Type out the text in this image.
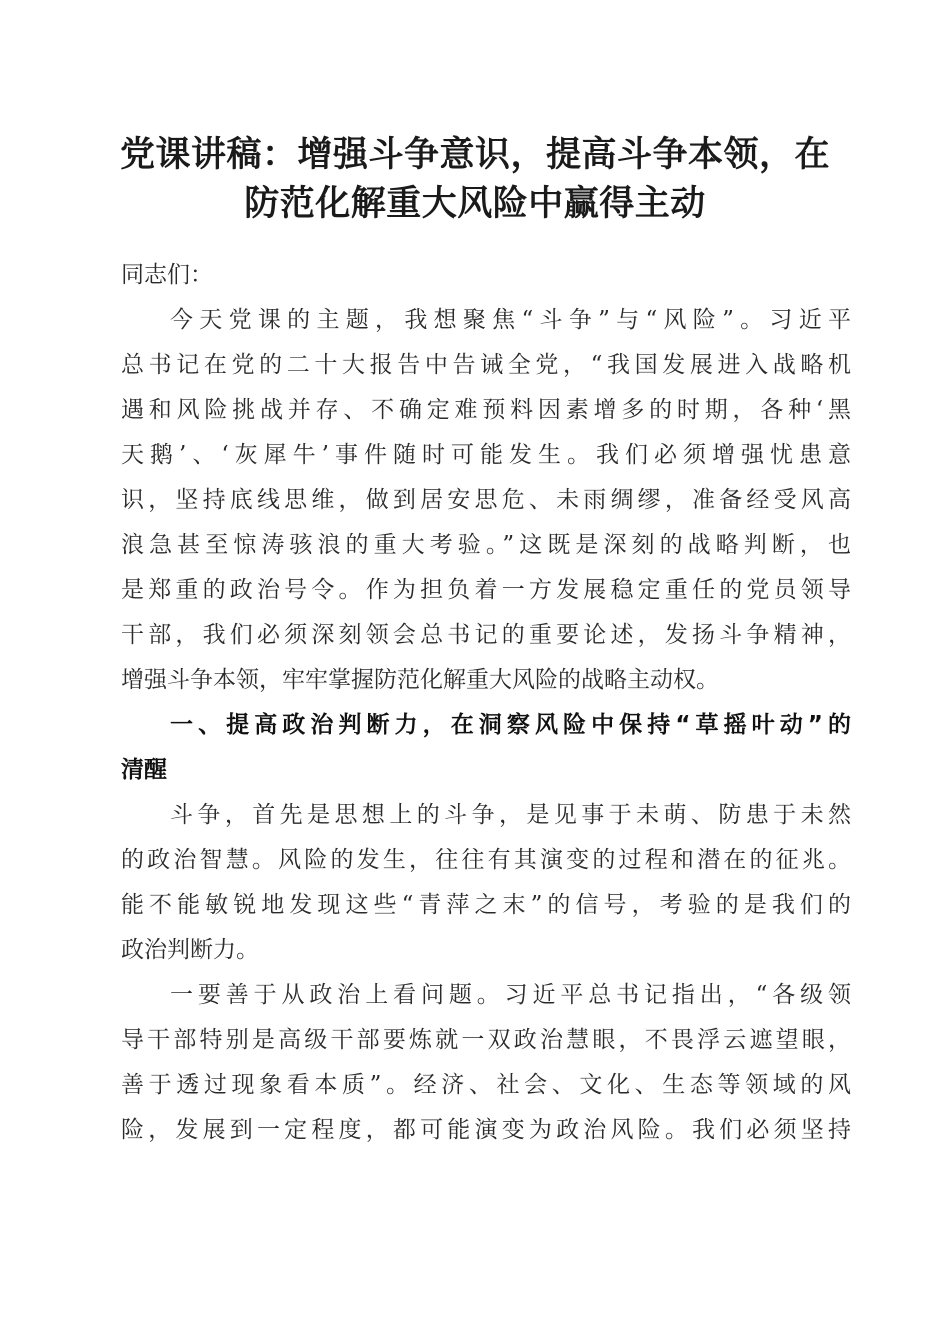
党课讲稿：增强斗争意识，提高斗争本领，在
防范化解重大风险中赢得主动
同志们：
今天党课的主题，我想聚焦“斗争”与“风险”。习近平
总书记在党的二十大报告中告诫全党，“我国发展进入战略机
遇和风险挑战并存、不确定难预料因素增多的时期，各种‘黑
天鹅’、‘灰犀牛’事件随时可能发生。我们必须增强忧患意
识，坚持底线思维，做到居安思危、未雨绸缪，准备经受风高
浪急甚至惊涛骇浪的重大考验。”这既是深刻的战略判断，也
是郑重的政治号令。作为担负着一方发展稳定重任的党员领导
干部，我们必须深刻领会总书记的重要论述，发扬斗争精神，
增强斗争本领，牢牢掌握防范化解重大风险的战略主动权。
一、提高政治判断力，在洞察风险中保持“草摇叶动”的
清醒
斗争，首先是思想上的斗争，是见事于未萌、防患于未然
的政治智慧。风险的发生，往往有其演变的过程和潜在的征兆。
能不能敏锐地发现这些“青萍之末”的信号，考验的是我们的
政治判断力。
一要善于从政治上看问题。习近平总书记指出，“各级领
导干部特别是高级干部要炼就一双政治慧眼，不畏浮云遮望眼，
善于透过现象看本质”。经济、社会、文化、生态等领域的风
险，发展到一定程度，都可能演变为政治风险。我们必须坚持
